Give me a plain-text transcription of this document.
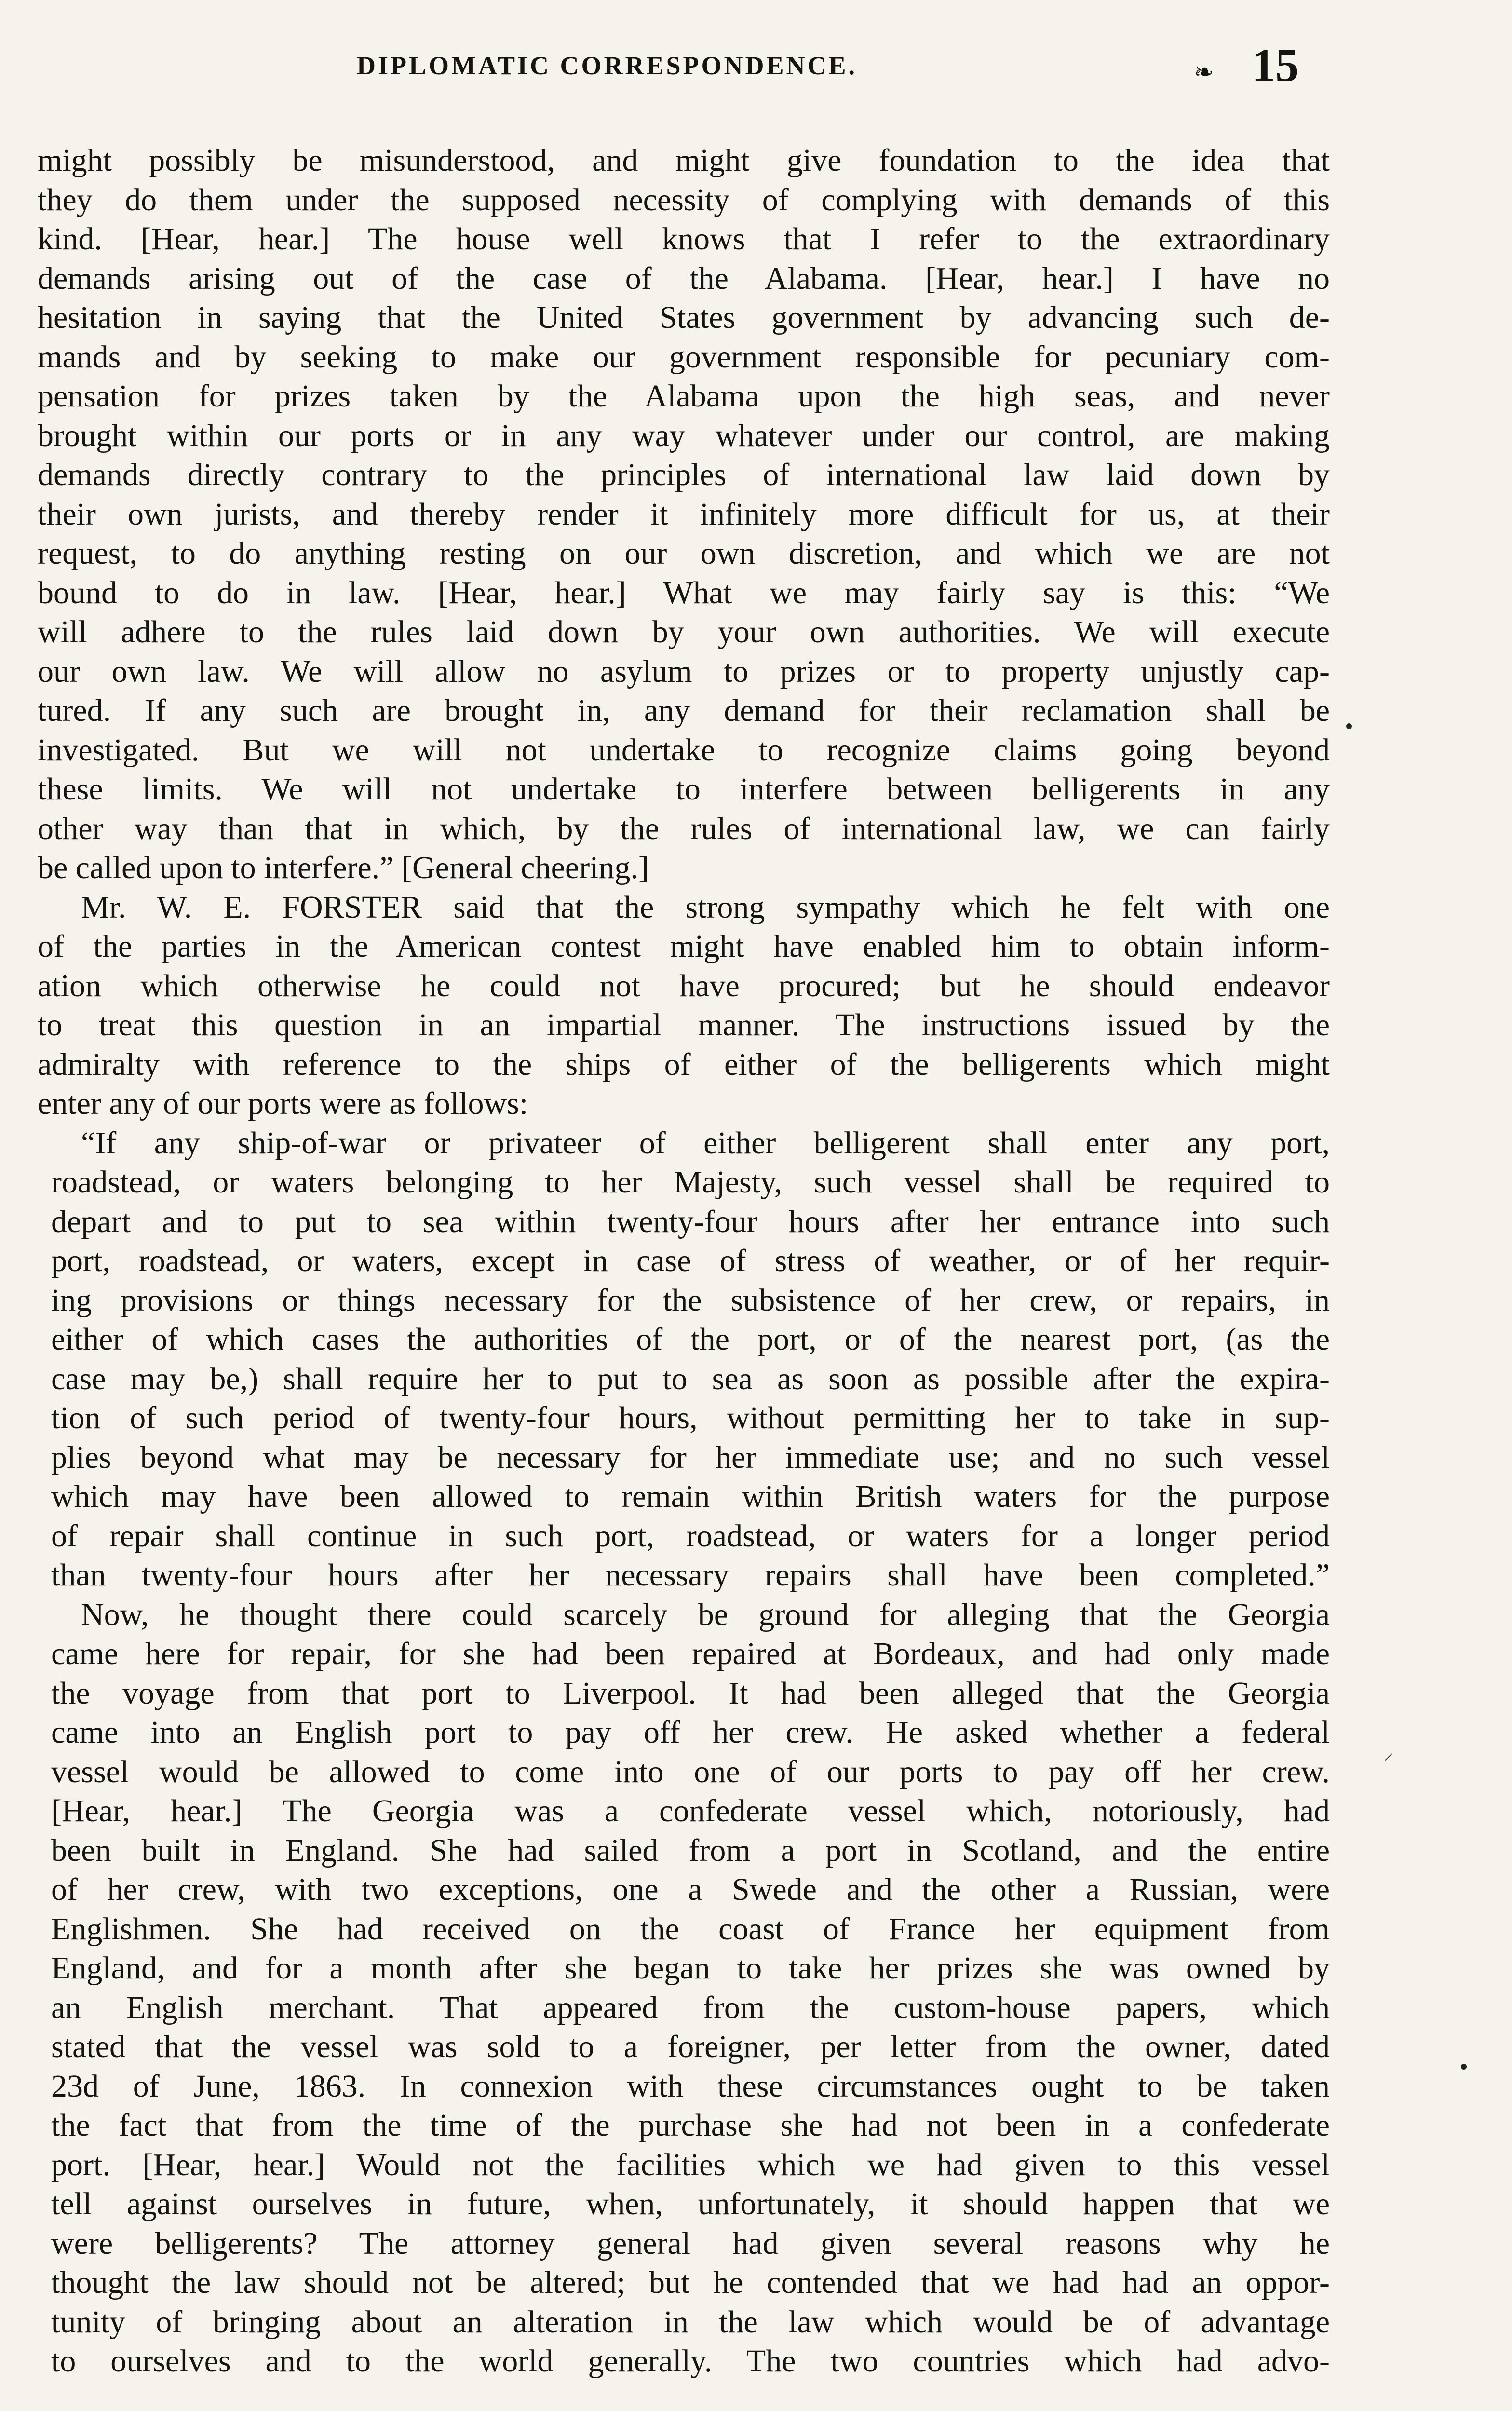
DIPLOMATIC CORRESPONDENCE.	❧ 15
might possibly be misunderstood, and might give foundation to the idea that
they do them under the supposed necessity of complying with demands of this
kind. [Hear, hear.] The house well knows that I refer to the extraordinary
demands arising out of the case of the Alabama. [Hear, hear.] I have no
hesitation in saying that the United States government by advancing such de-
mands and by seeking to make our government responsible for pecuniary com-
pensation for prizes taken by the Alabama upon the high seas, and never
brought within our ports or in any way whatever under our control, are making
demands directly contrary to the principles of international law laid down by
their own jurists, and thereby render it infinitely more difficult for us, at their
request, to do anything resting on our own discretion, and which we are not
bound to do in law. [Hear, hear.] What we may fairly say is this: “We
will adhere to the rules laid down by your own authorities. We will execute
our own law. We will allow no asylum to prizes or to property unjustly cap-
tured. If any such are brought in, any demand for their reclamation shall be
investigated. But we will not undertake to recognize claims going beyond
these limits. We will not undertake to interfere between belligerents in any
other way than that in which, by the rules of international law, we can fairly
be called upon to interfere.” [General cheering.]
Mr. W. E. FORSTER said that the strong sympathy which he felt with one
of the parties in the American contest might have enabled him to obtain inform-
ation which otherwise he could not have procured; but he should endeavor
to treat this question in an impartial manner. The instructions issued by the
admiralty with reference to the ships of either of the belligerents which might
enter any of our ports were as follows:
“If any ship-of-war or privateer of either belligerent shall enter any port,
roadstead, or waters belonging to her Majesty, such vessel shall be required to
depart and to put to sea within twenty-four hours after her entrance into such
port, roadstead, or waters, except in case of stress of weather, or of her requir-
ing provisions or things necessary for the subsistence of her crew, or repairs, in
either of which cases the authorities of the port, or of the nearest port, (as the
case may be,) shall require her to put to sea as soon as possible after the expira-
tion of such period of twenty-four hours, without permitting her to take in sup-
plies beyond what may be necessary for her immediate use; and no such vessel
which may have been allowed to remain within British waters for the purpose
of repair shall continue in such port, roadstead, or waters for a longer period
than twenty-four hours after her necessary repairs shall have been completed.”
Now, he thought there could scarcely be ground for alleging that the Georgia
came here for repair, for she had been repaired at Bordeaux, and had only made
the voyage from that port to Liverpool. It had been alleged that the Georgia
came into an English port to pay off her crew. He asked whether a federal
vessel would be allowed to come into one of our ports to pay off her crew.
[Hear, hear.] The Georgia was a confederate vessel which, notoriously, had
been built in England. She had sailed from a port in Scotland, and the entire
of her crew, with two exceptions, one a Swede and the other a Russian, were
Englishmen. She had received on the coast of France her equipment from
England, and for a month after she began to take her prizes she was owned by
an English merchant. That appeared from the custom-house papers, which
stated that the vessel was sold to a foreigner, per letter from the owner, dated
23d of June, 1863. In connexion with these circumstances ought to be taken
the fact that from the time of the purchase she had not been in a confederate
port. [Hear, hear.] Would not the facilities which we had given to this vessel
tell against ourselves in future, when, unfortunately, it should happen that we
were belligerents? The attorney general had given several reasons why he
thought the law should not be altered; but he contended that we had had an oppor-
tunity of bringing about an alteration in the law which would be of advantage
to ourselves and to the world generally. The two countries which had advo-
⸝
